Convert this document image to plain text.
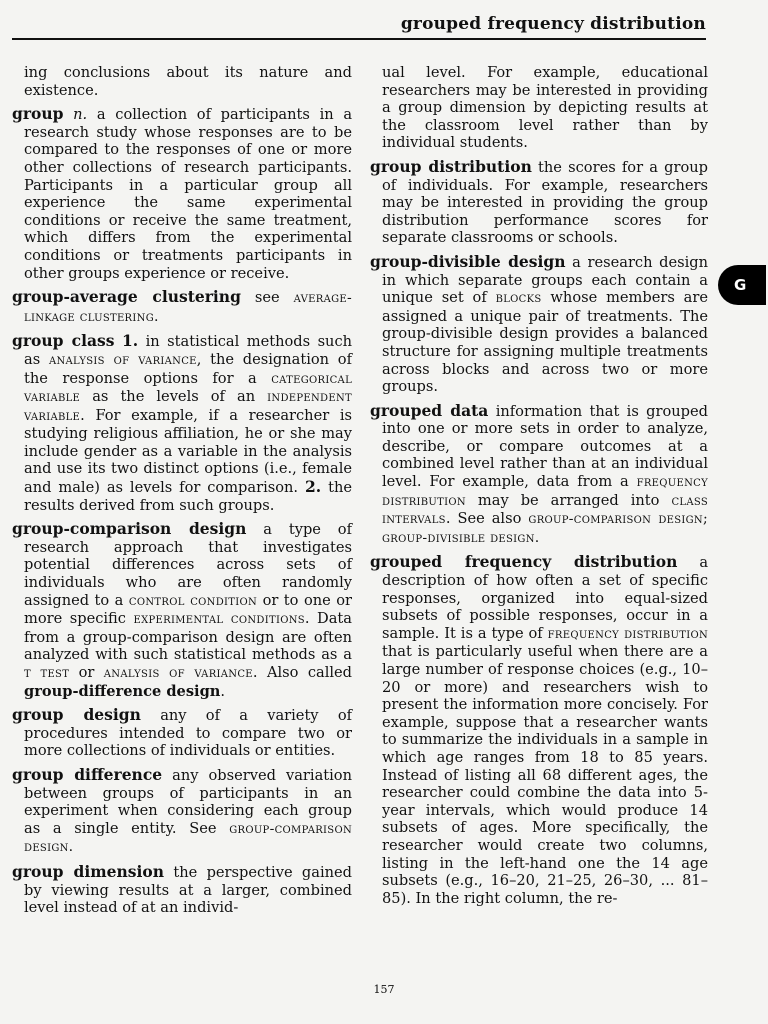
grouped frequency distribution

ing conclusions about its nature and existence.

group n. a collection of participants in a research study whose responses are to be compared to the responses of one or more other collections of research participants. Participants in a particular group all experience the same experimental conditions or receive the same treatment, which differs from the experimental conditions or treatments participants in other groups experience or receive.

group-average clustering see average-linkage clustering.

group class 1. in statistical methods such as analysis of variance, the designation of the response options for a categorical variable as the levels of an independent variable. For example, if a researcher is studying religious affiliation, he or she may include gender as a variable in the analysis and use its two distinct options (i.e., female and male) as levels for comparison. 2. the results derived from such groups.

group-comparison design a type of research approach that investigates potential differences across sets of individuals who are often randomly assigned to a control condition or to one or more specific experimental conditions. Data from a group-comparison design are often analyzed with such statistical methods as a t test or analysis of variance. Also called group-difference design.

group design any of a variety of procedures intended to compare two or more collections of individuals or entities.

group difference any observed variation between groups of participants in an experiment when considering each group as a single entity. See group-comparison design.

group dimension the perspective gained by viewing results at a larger, combined level instead of at an individ-

ual level. For example, educational researchers may be interested in providing a group dimension by depicting results at the classroom level rather than by individual students.

group distribution the scores for a group of individuals. For example, researchers may be interested in providing the group distribution performance scores for separate classrooms or schools.

group-divisible design a research design in which separate groups each contain a unique set of blocks whose members are assigned a unique pair of treatments. The group-divisible design provides a balanced structure for assigning multiple treatments across blocks and across two or more groups.

grouped data information that is grouped into one or more sets in order to analyze, describe, or compare outcomes at a combined level rather than at an individual level. For example, data from a frequency distribution may be arranged into class intervals. See also group-comparison design; group-divisible design.

grouped frequency distribution a description of how often a set of specific responses, organized into equal-sized subsets of possible responses, occur in a sample. It is a type of frequency distribution that is particularly useful when there are a large number of response choices (e.g., 10–20 or more) and researchers wish to present the information more concisely. For example, suppose that a researcher wants to summarize the individuals in a sample in which age ranges from 18 to 85 years. Instead of listing all 68 different ages, the researcher could combine the data into 5-year intervals, which would produce 14 subsets of ages. More specifically, the researcher would create two columns, listing in the left-hand one the 14 age subsets (e.g., 16–20, 21–25, 26–30, ... 81–85). In the right column, the re-

G
157
